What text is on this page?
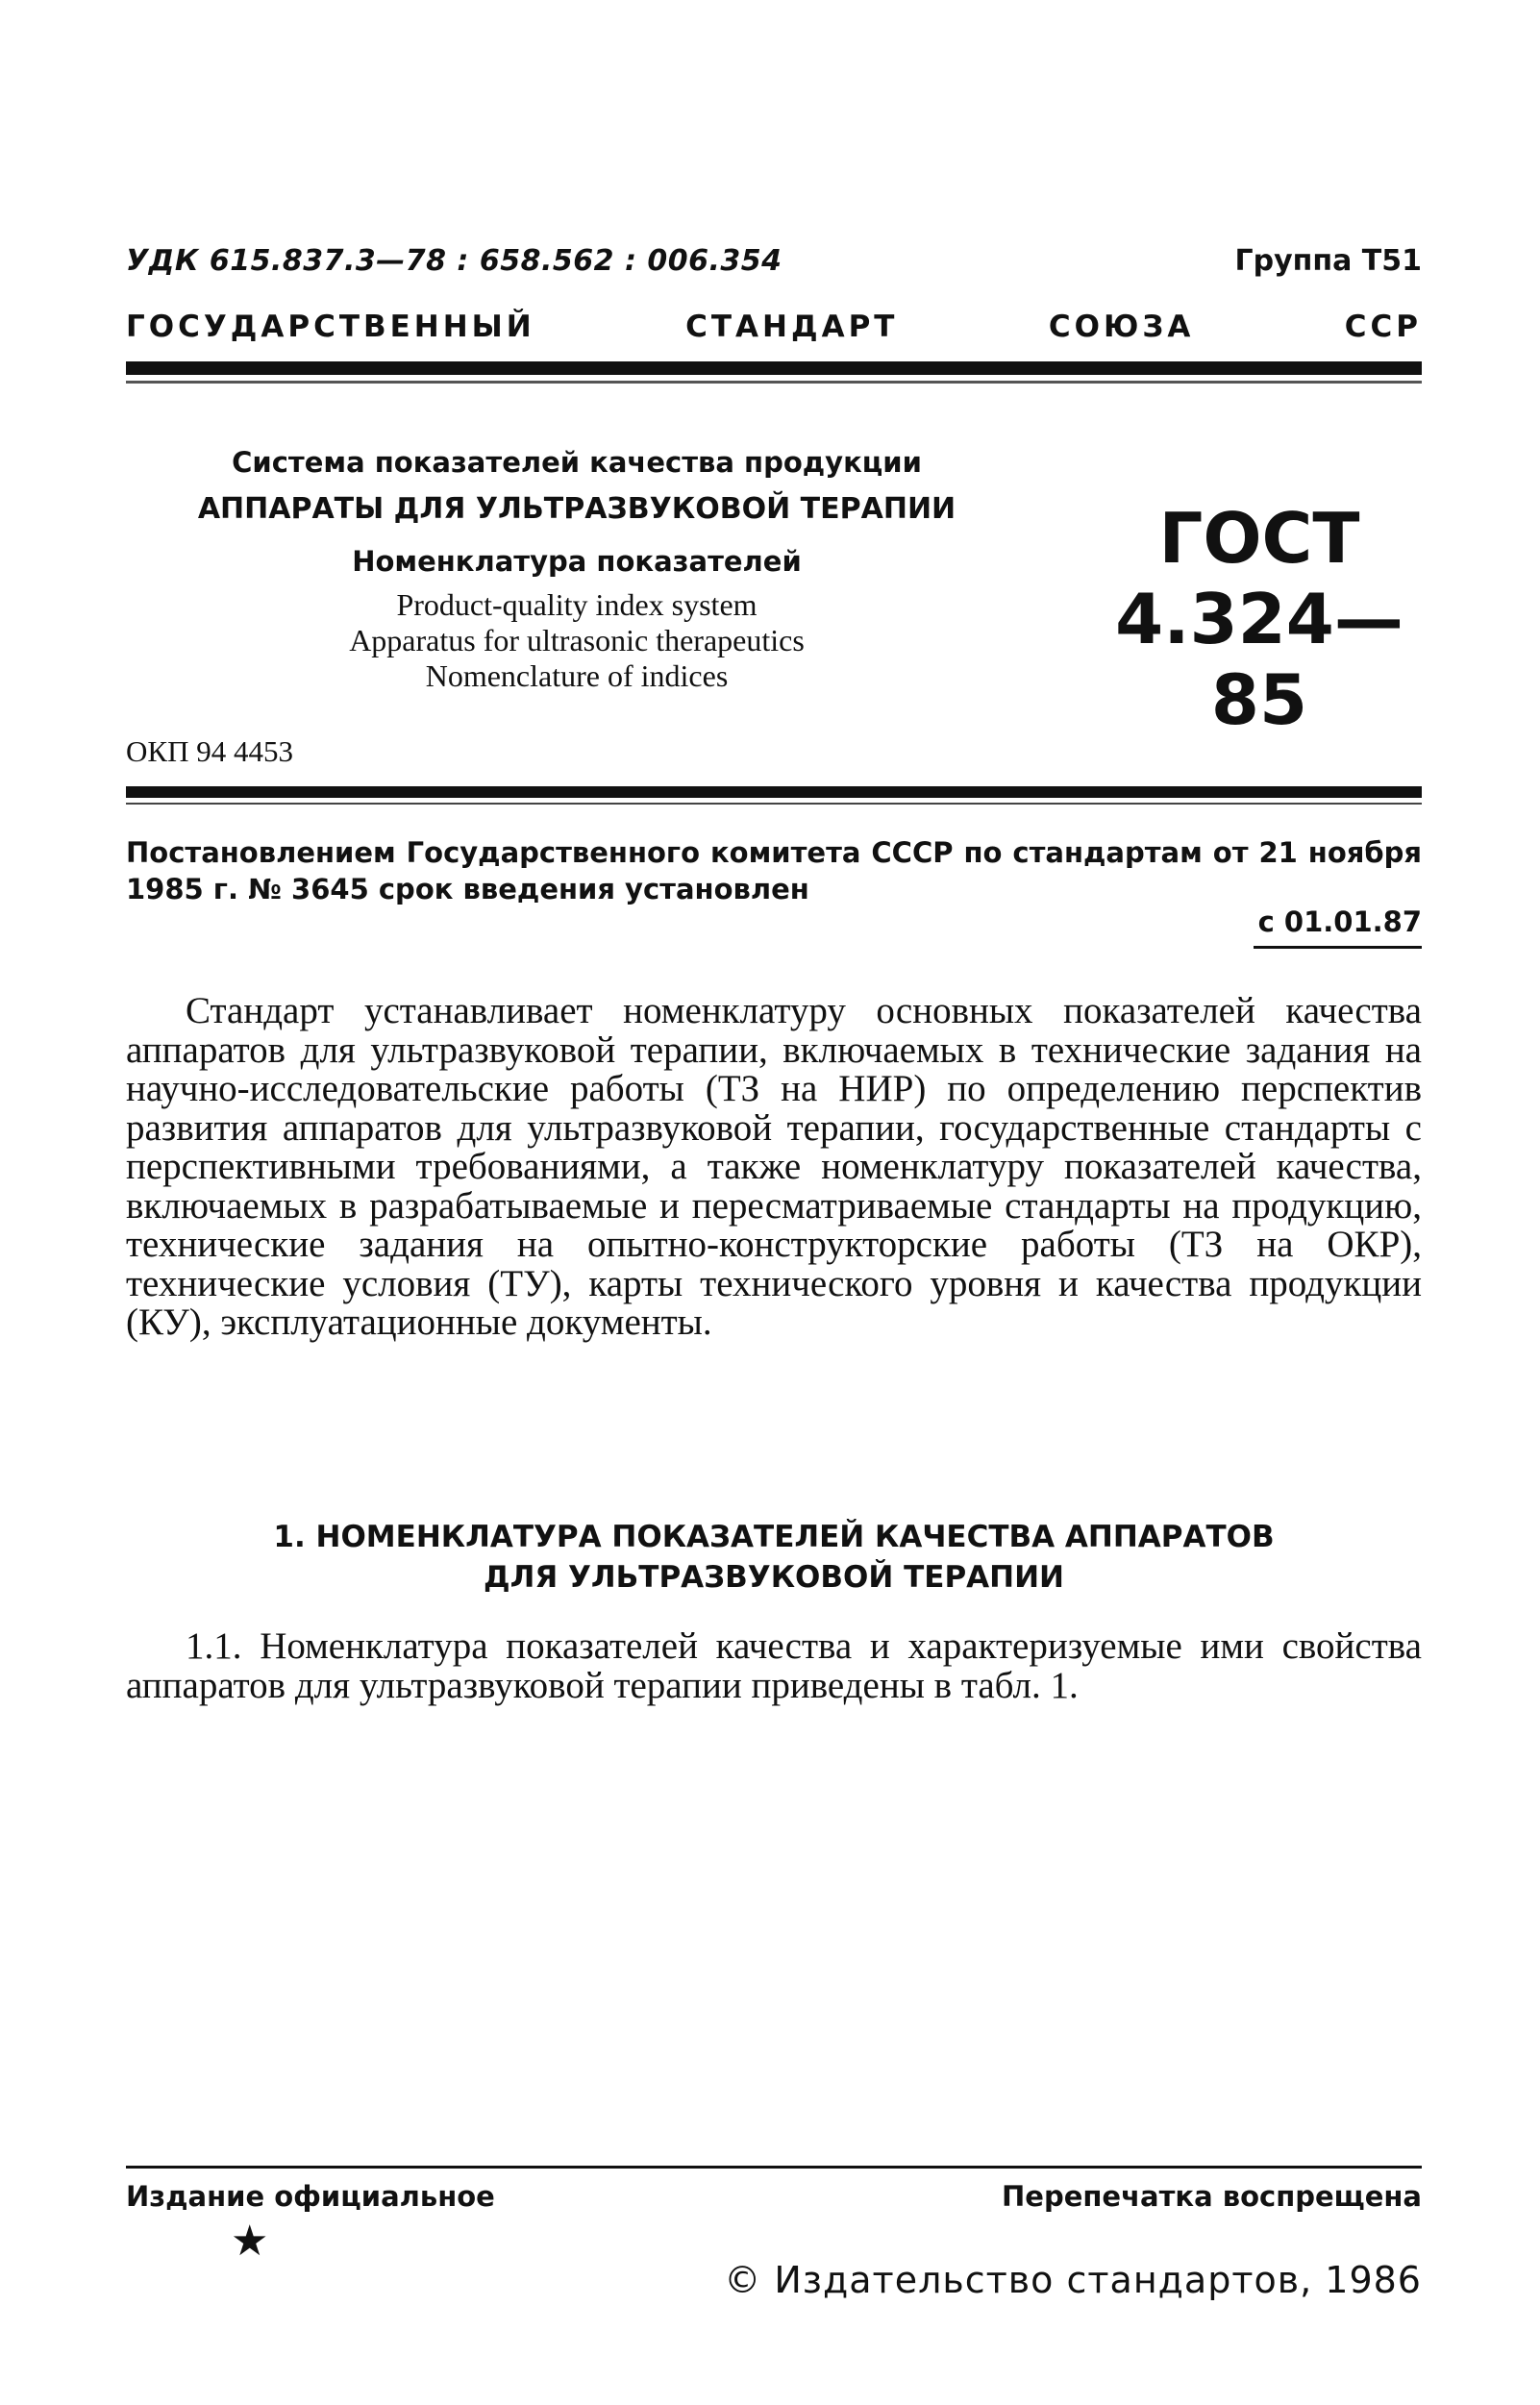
УДК 615.837.3—78 : 658.562 : 006.354	Группа Т51
ГОСУДАРСТВЕННЫЙ СТАНДАРТ СОЮЗА ССР
Система показателей качества продукции
АППАРАТЫ ДЛЯ УЛЬТРАЗВУКОВОЙ ТЕРАПИИ
Номенклатура показателей
Product-quality index system
Apparatus for ultrasonic therapeutics
Nomenclature of indices
ГОСТ
4.324—85
ОКП 94 4453
Постановлением Государственного комитета СССР по стандартам от 21 ноября 1985 г. № 3645 срок введения установлен
с 01.01.87

Стандарт устанавливает номенклатуру основных показателей качества аппаратов для ультразвуковой терапии, включаемых в технические задания на научно-исследовательские работы (ТЗ на НИР) по определению перспектив развития аппаратов для ультразвуковой терапии, государственные стандарты с перспективными требованиями, а также номенклатуру показателей качества, включаемых в разрабатываемые и пересматриваемые стандарты на продукцию, технические задания на опытно-конструкторские работы (ТЗ на ОКР), технические условия (ТУ), карты технического уровня и качества продукции (КУ), эксплуатационные документы.

1. НОМЕНКЛАТУРА ПОКАЗАТЕЛЕЙ КАЧЕСТВА АППАРАТОВ
ДЛЯ УЛЬТРАЗВУКОВОЙ ТЕРАПИИ

1.1. Номенклатура показателей качества и характеризуемые ими свойства аппаратов для ультразвуковой терапии приведены в табл. 1.

Издание официальное	Перепечатка воспрещена
★
© Издательство стандартов, 1986
